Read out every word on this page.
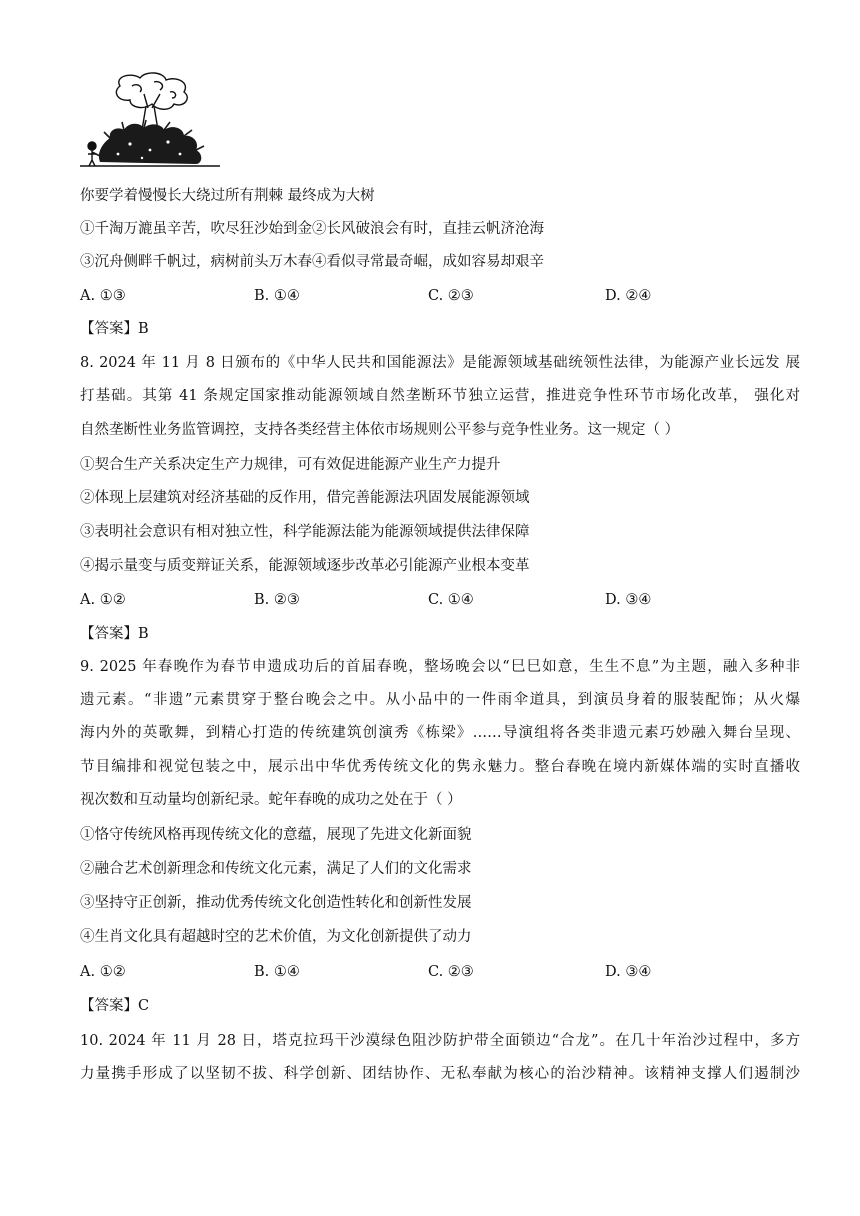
你要学着慢慢长大绕过所有荆棘 最终成为大树
①千淘万漉虽辛苦，吹尽狂沙始到金②长风破浪会有时，直挂云帆济沧海
③沉舟侧畔千帆过，病树前头万木春④看似寻常最奇崛，成如容易却艰辛
A. ①③	B. ①④	C. ②③	D. ②④
【答案】B
8. 2024 年 11 月 8 日颁布的《中华人民共和国能源法》是能源领域基础统领性法律，为能源产业长远发 展
打基础。其第 41 条规定国家推动能源领域自然垄断环节独立运营，推进竞争性环节市场化改革， 强化对
自然垄断性业务监管调控，支持各类经营主体依市场规则公平参与竞争性业务。这一规定（ ）
①契合生产关系决定生产力规律，可有效促进能源产业生产力提升
②体现上层建筑对经济基础的反作用，借完善能源法巩固发展能源领域
③表明社会意识有相对独立性，科学能源法能为能源领域提供法律保障
④揭示量变与质变辩证关系，能源领域逐步改革必引能源产业根本变革
A. ①②	B. ②③	C. ①④	D. ③④
【答案】B
9. 2025 年春晚作为春节申遗成功后的首届春晚，整场晚会以“巳巳如意，生生不息”为主题，融入多种非
遗元素。“非遗”元素贯穿于整台晚会之中。从小品中的一件雨伞道具，到演员身着的服装配饰；从火爆
海内外的英歌舞，到精心打造的传统建筑创演秀《栋梁》……导演组将各类非遗元素巧妙融入舞台呈现、
节目编排和视觉包装之中，展示出中华优秀传统文化的隽永魅力。整台春晚在境内新媒体端的实时直播收
视次数和互动量均创新纪录。蛇年春晚的成功之处在于（ ）
①恪守传统风格再现传统文化的意蕴，展现了先进文化新面貌
②融合艺术创新理念和传统文化元素，满足了人们的文化需求
③坚持守正创新，推动优秀传统文化创造性转化和创新性发展
④生肖文化具有超越时空的艺术价值，为文化创新提供了动力
A. ①②	B. ①④	C. ②③	D. ③④
【答案】C
10. 2024 年 11 月 28 日，塔克拉玛干沙漠绿色阻沙防护带全面锁边“合龙”。在几十年治沙过程中，多方
力量携手形成了以坚韧不拔、科学创新、团结协作、无私奉献为核心的治沙精神。该精神支撑人们遏制沙
